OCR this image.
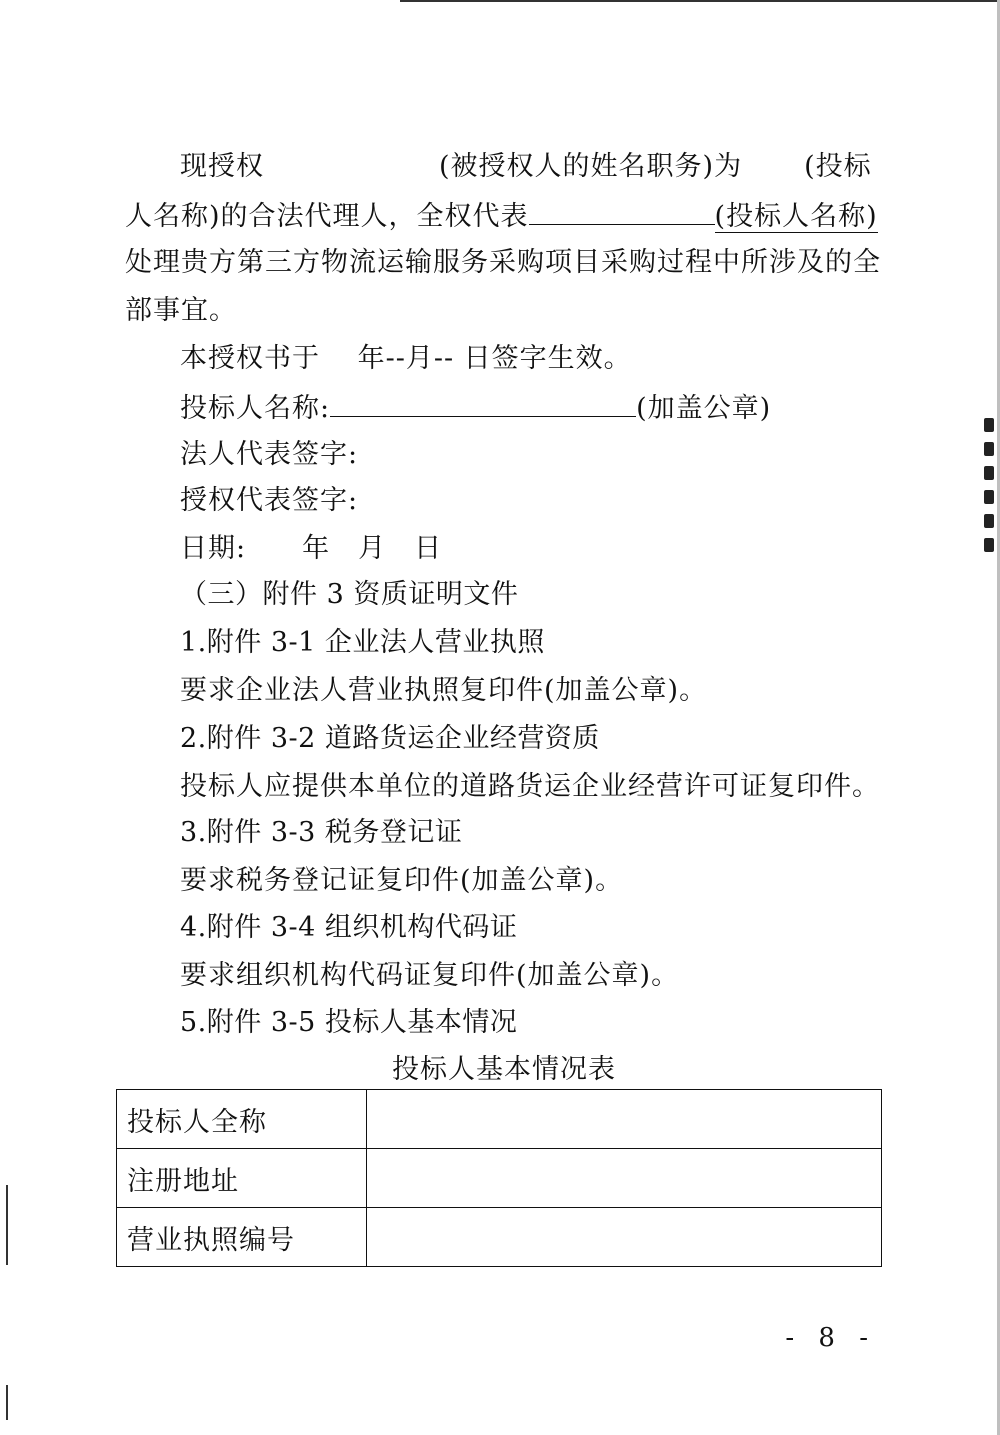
现授权	(被授权人的姓名职务)为 (投标
人名称)的合法代理人，全权代表	(投标人名称)
处理贵方第三方物流运输服务采购项目采购过程中所涉及的全
部事宜。
本授权书于　 年--月-- 日签字生效。
投标人名称:	(加盖公章)
法人代表签字:
授权代表签字:
日期:　　年　月　日
（三）附件 3 资质证明文件
1.附件 3-1 企业法人营业执照
要求企业法人营业执照复印件(加盖公章)。
2.附件 3-2 道路货运企业经营资质
投标人应提供本单位的道路货运企业经营许可证复印件。
3.附件 3-3 税务登记证
要求税务登记证复印件(加盖公章)。
4.附件 3-4 组织机构代码证
要求组织机构代码证复印件(加盖公章)。
5.附件 3-5 投标人基本情况
投标人基本情况表
投标人全称	
注册地址	
营业执照编号	
- 8 -
